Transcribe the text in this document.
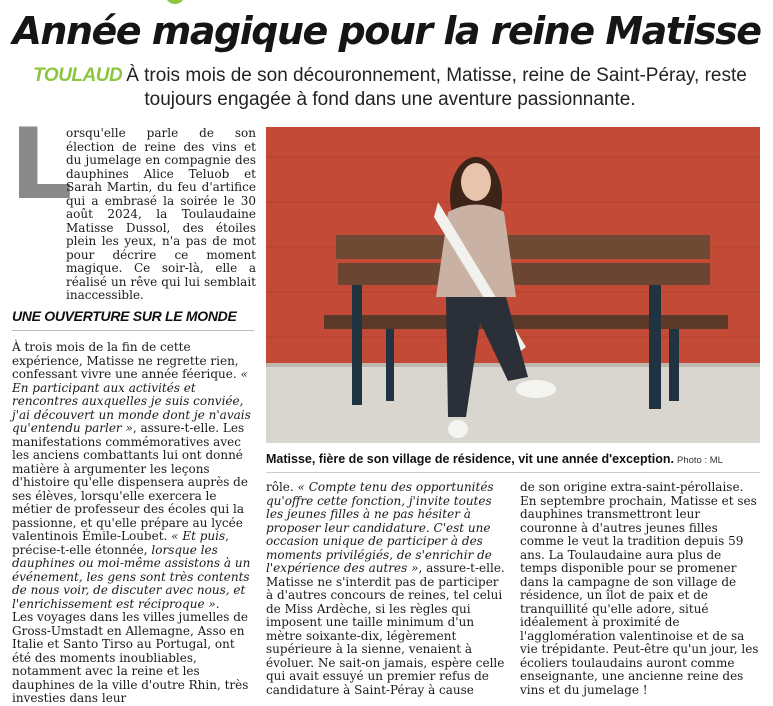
Année magique pour la reine Matisse
TOULAUD À trois mois de son découronnement, Matisse, reine de Saint-Péray, reste toujours engagée à fond dans une aventure passionnante.
L

orsqu'elle parle de son élection de reine des vins et du jumelage en compagnie des dauphines Alice Teluob et Sarah Martin, du feu d'artifice qui a embrasé la soirée le 30 août 2024, la Toulaudaine Matisse Dussol, des étoiles plein les yeux, n'a pas de mot pour décrire ce moment magique. Ce soir-là, elle a réalisé un rêve qui lui semblait inaccessible.

UNE OUVERTURE SUR LE MONDE

À trois mois de la fin de cette expérience, Matisse ne regrette rien, confessant vivre une année féerique. « En participant aux activités et rencontres auxquelles je suis conviée, j'ai découvert un monde dont je n'avais qu'entendu parler », assure-t-elle. Les manifestations commémoratives avec les anciens combattants lui ont donné matière à argumenter les leçons d'histoire qu'elle dispensera auprès de ses élèves, lorsqu'elle exercera le métier de professeur des écoles qui la passionne, et qu'elle prépare au lycée valentinois Émile-Loubet. « Et puis, précise-t-elle étonnée, lorsque les dauphines ou moi-même assistons à un événement, les gens sont très contents de nous voir, de discuter avec nous, et l'enrichissement est réciproque ».

Les voyages dans les villes jumelles de Gross-Umstadt en Allemagne, Asso en Italie et Santo Tirso au Portugal, ont été des moments inoubliables, notamment avec la reine et les dauphines de la ville d'outre Rhin, très investies dans leur

Matisse, fière de son village de résidence, vit une année d'exception. Photo : ML

rôle. « Compte tenu des opportunités qu'offre cette fonction, j'invite toutes les jeunes filles à ne pas hésiter à proposer leur candidature. C'est une occasion unique de participer à des moments privilégiés, de s'enrichir de l'expérience des autres », assure-t-elle.

Matisse ne s'interdit pas de participer à d'autres concours de reines, tel celui de Miss Ardèche, si les règles qui imposent une taille minimum d'un mètre soixante-dix, légèrement supérieure à la sienne, venaient à évoluer. Ne sait-on jamais, espère celle qui avait essuyé un premier refus de candidature à Saint-Péray à cause

de son origine extra-saint-pérollaise.

En septembre prochain, Matisse et ses dauphines transmettront leur couronne à d'autres jeunes filles comme le veut la tradition depuis 59 ans. La Toulaudaine aura plus de temps disponible pour se promener dans la campagne de son village de résidence, un îlot de paix et de tranquillité qu'elle adore, situé idéalement à proximité de l'agglomération valentinoise et de sa vie trépidante. Peut-être qu'un jour, les écoliers toulaudains auront comme enseignante, une ancienne reine des vins et du jumelage !
